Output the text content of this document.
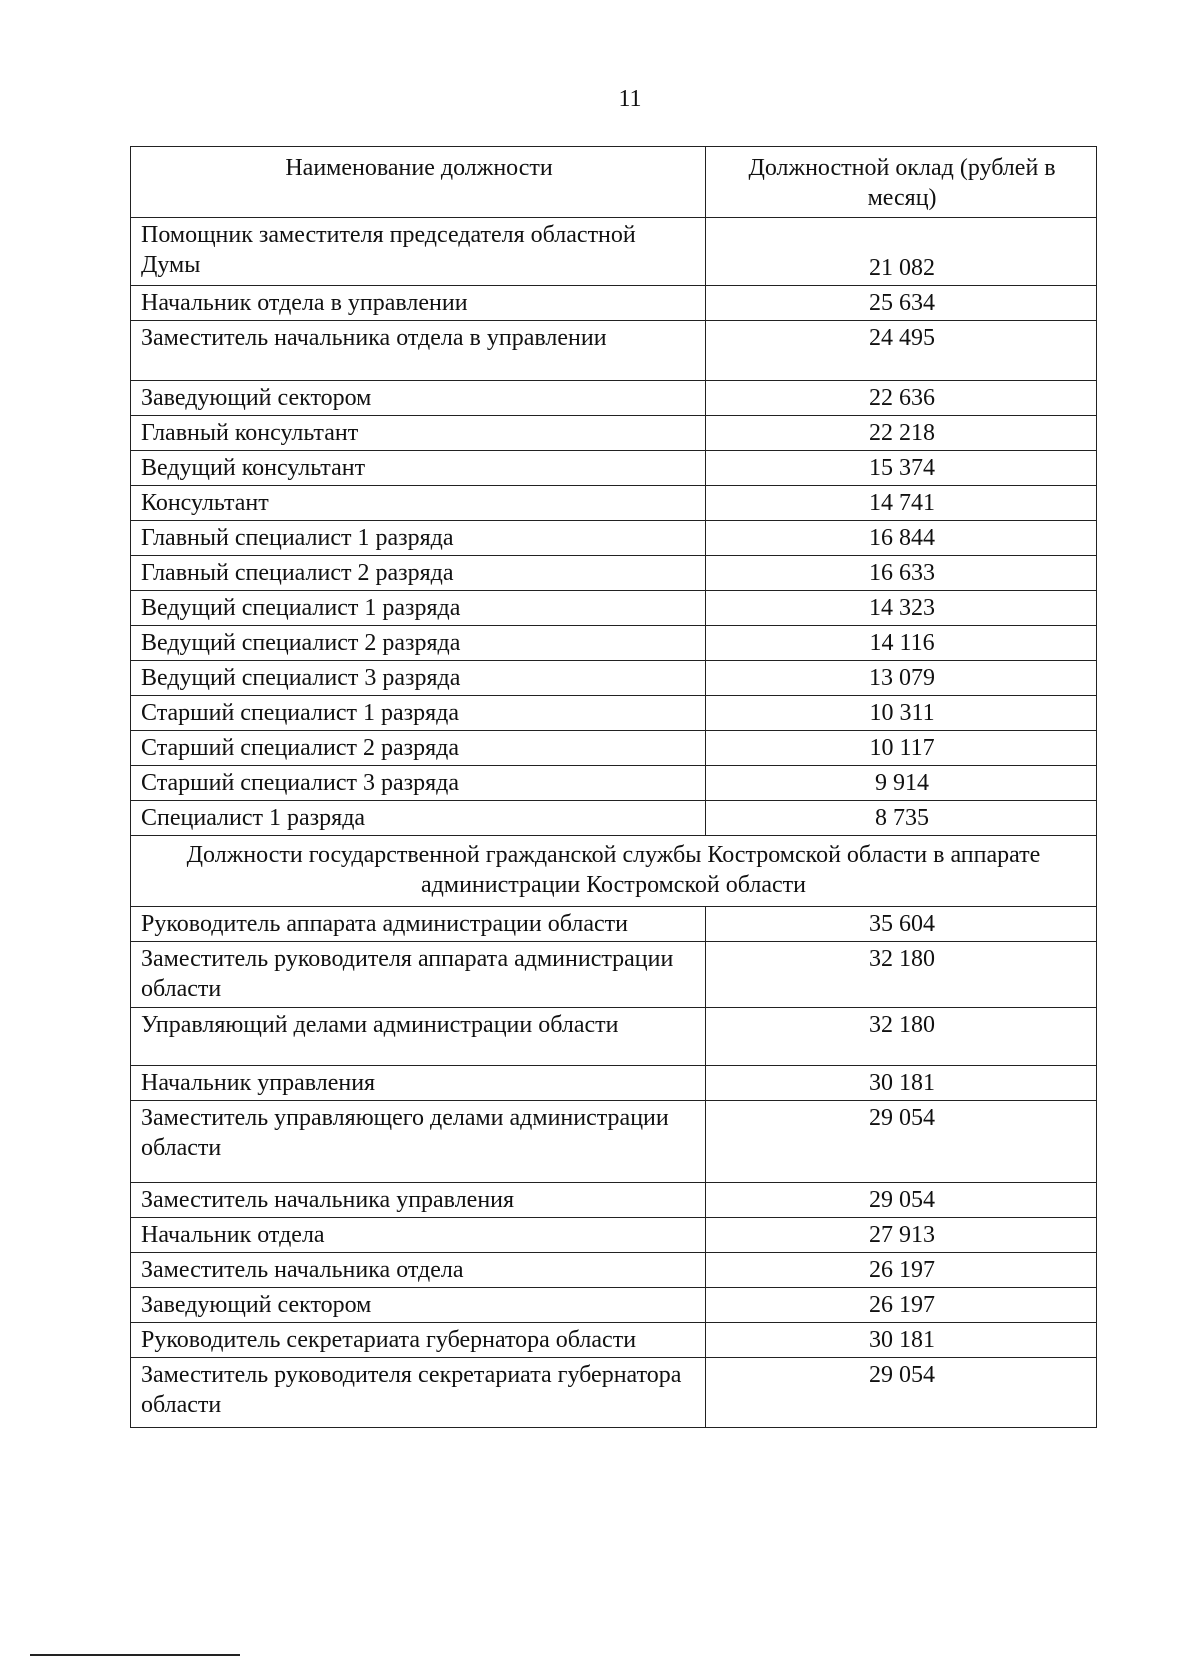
11
Наименование должности	Должностной оклад (рублей в месяц)
Помощник заместителя председателя областной Думы	21 082
Начальник отдела в управлении	25 634
Заместитель начальника отдела в управлении	24 495
Заведующий сектором	22 636
Главный консультант	22 218
Ведущий консультант	15 374
Консультант	14 741
Главный специалист 1 разряда	16 844
Главный специалист 2 разряда	16 633
Ведущий специалист 1 разряда	14 323
Ведущий специалист 2 разряда	14 116
Ведущий специалист 3 разряда	13 079
Старший специалист 1 разряда	10 311
Старший специалист 2 разряда	10 117
Старший специалист 3 разряда	9 914
Специалист 1 разряда	8 735
Должности государственной гражданской службы Костромской области в аппарате администрации Костромской области	
Руководитель аппарата администрации области	35 604
Заместитель руководителя аппарата администрации области	32 180
Управляющий делами администрации области	32 180
Начальник управления	30 181
Заместитель управляющего делами администрации области	29 054
Заместитель начальника управления	29 054
Начальник отдела	27 913
Заместитель начальника отдела	26 197
Заведующий сектором	26 197
Руководитель секретариата губернатора области	30 181
Заместитель руководителя секретариата губернатора области	29 054
